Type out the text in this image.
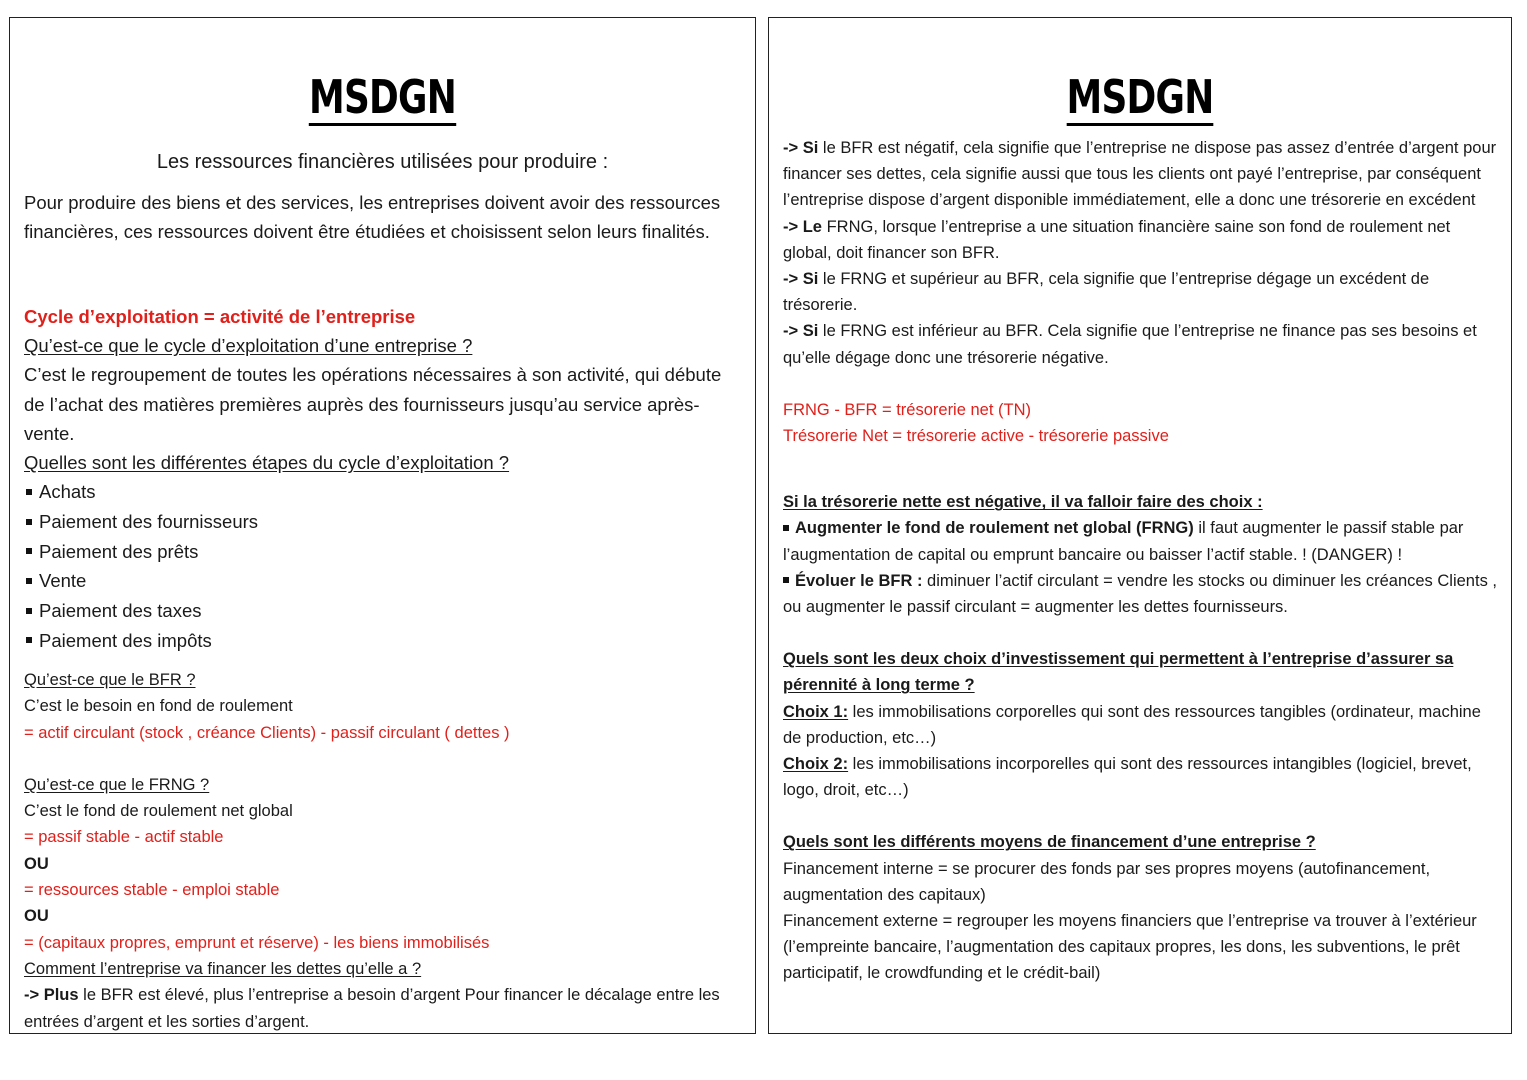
MSDGN
Les ressources financières utilisées pour produire :

Pour produire des biens et des services, les entreprises doivent avoir des ressources financières, ces ressources doivent être étudiées et choisissent selon leurs finalités.

Cycle d’exploitation = activité de l’entreprise

Qu’est-ce que le cycle d’exploitation d’une entreprise ?

C’est le regroupement de toutes les opérations nécessaires à son activité, qui débute de l’achat des matières premières auprès des fournisseurs jusqu’au service après-vente.

Quelles sont les différentes étapes du cycle d’exploitation ?

Achats
Paiement des fournisseurs
Paiement des prêts
Vente
Paiement des taxes
Paiement des impôts

Qu’est-ce que le BFR ?

C’est le besoin en fond de roulement

= actif circulant (stock , créance Clients) - passif circulant ( dettes )

Qu’est-ce que le FRNG ?

C’est le fond de roulement net global

= passif stable - actif stable

OU

= ressources stable - emploi stable

OU

= (capitaux propres, emprunt et réserve) - les biens immobilisés

Comment l’entreprise va financer les dettes qu’elle a ?

-> Plus le BFR est élevé, plus l’entreprise a besoin d’argent Pour financer le décalage entre les entrées d’argent et les sorties d’argent.

MSDGN

-> Si le BFR est négatif, cela signifie que l’entreprise ne dispose pas assez d’entrée d’argent pour financer ses dettes, cela signifie aussi que tous les clients ont payé l’entreprise, par conséquent l’entreprise dispose d’argent disponible immédiatement, elle a donc une trésorerie en excédent

-> Le FRNG, lorsque l’entreprise a une situation financière saine son fond de roulement net global, doit financer son BFR.

-> Si le FRNG et supérieur au BFR, cela signifie que l’entreprise dégage un excédent de trésorerie.

-> Si le FRNG est inférieur au BFR. Cela signifie que l’entreprise ne finance pas ses besoins et qu’elle dégage donc une trésorerie négative.

FRNG - BFR = trésorerie net (TN)

Trésorerie Net = trésorerie active - trésorerie passive

Si la trésorerie nette est négative, il va falloir faire des choix :

Augmenter le fond de roulement net global (FRNG) il faut augmenter le passif stable par l’augmentation de capital ou emprunt bancaire ou baisser l’actif stable. ! (DANGER) !

Évoluer le BFR : diminuer l’actif circulant = vendre les stocks ou diminuer les créances Clients , ou augmenter le passif circulant = augmenter les dettes fournisseurs.

Quels sont les deux choix d’investissement qui permettent à l’entreprise d’assurer sa pérennité à long terme ?

Choix 1: les immobilisations corporelles qui sont des ressources tangibles (ordinateur, machine de production, etc…)

Choix 2: les immobilisations incorporelles qui sont des ressources intangibles (logiciel, brevet, logo, droit, etc…)

Quels sont les différents moyens de financement d’une entreprise ?

Financement interne = se procurer des fonds par ses propres moyens (autofinancement, augmentation des capitaux)

Financement externe = regrouper les moyens financiers que l’entreprise va trouver à l’extérieur (l’empreinte bancaire, l’augmentation des capitaux propres, les dons, les subventions, le prêt participatif, le crowdfunding et le crédit-bail)
